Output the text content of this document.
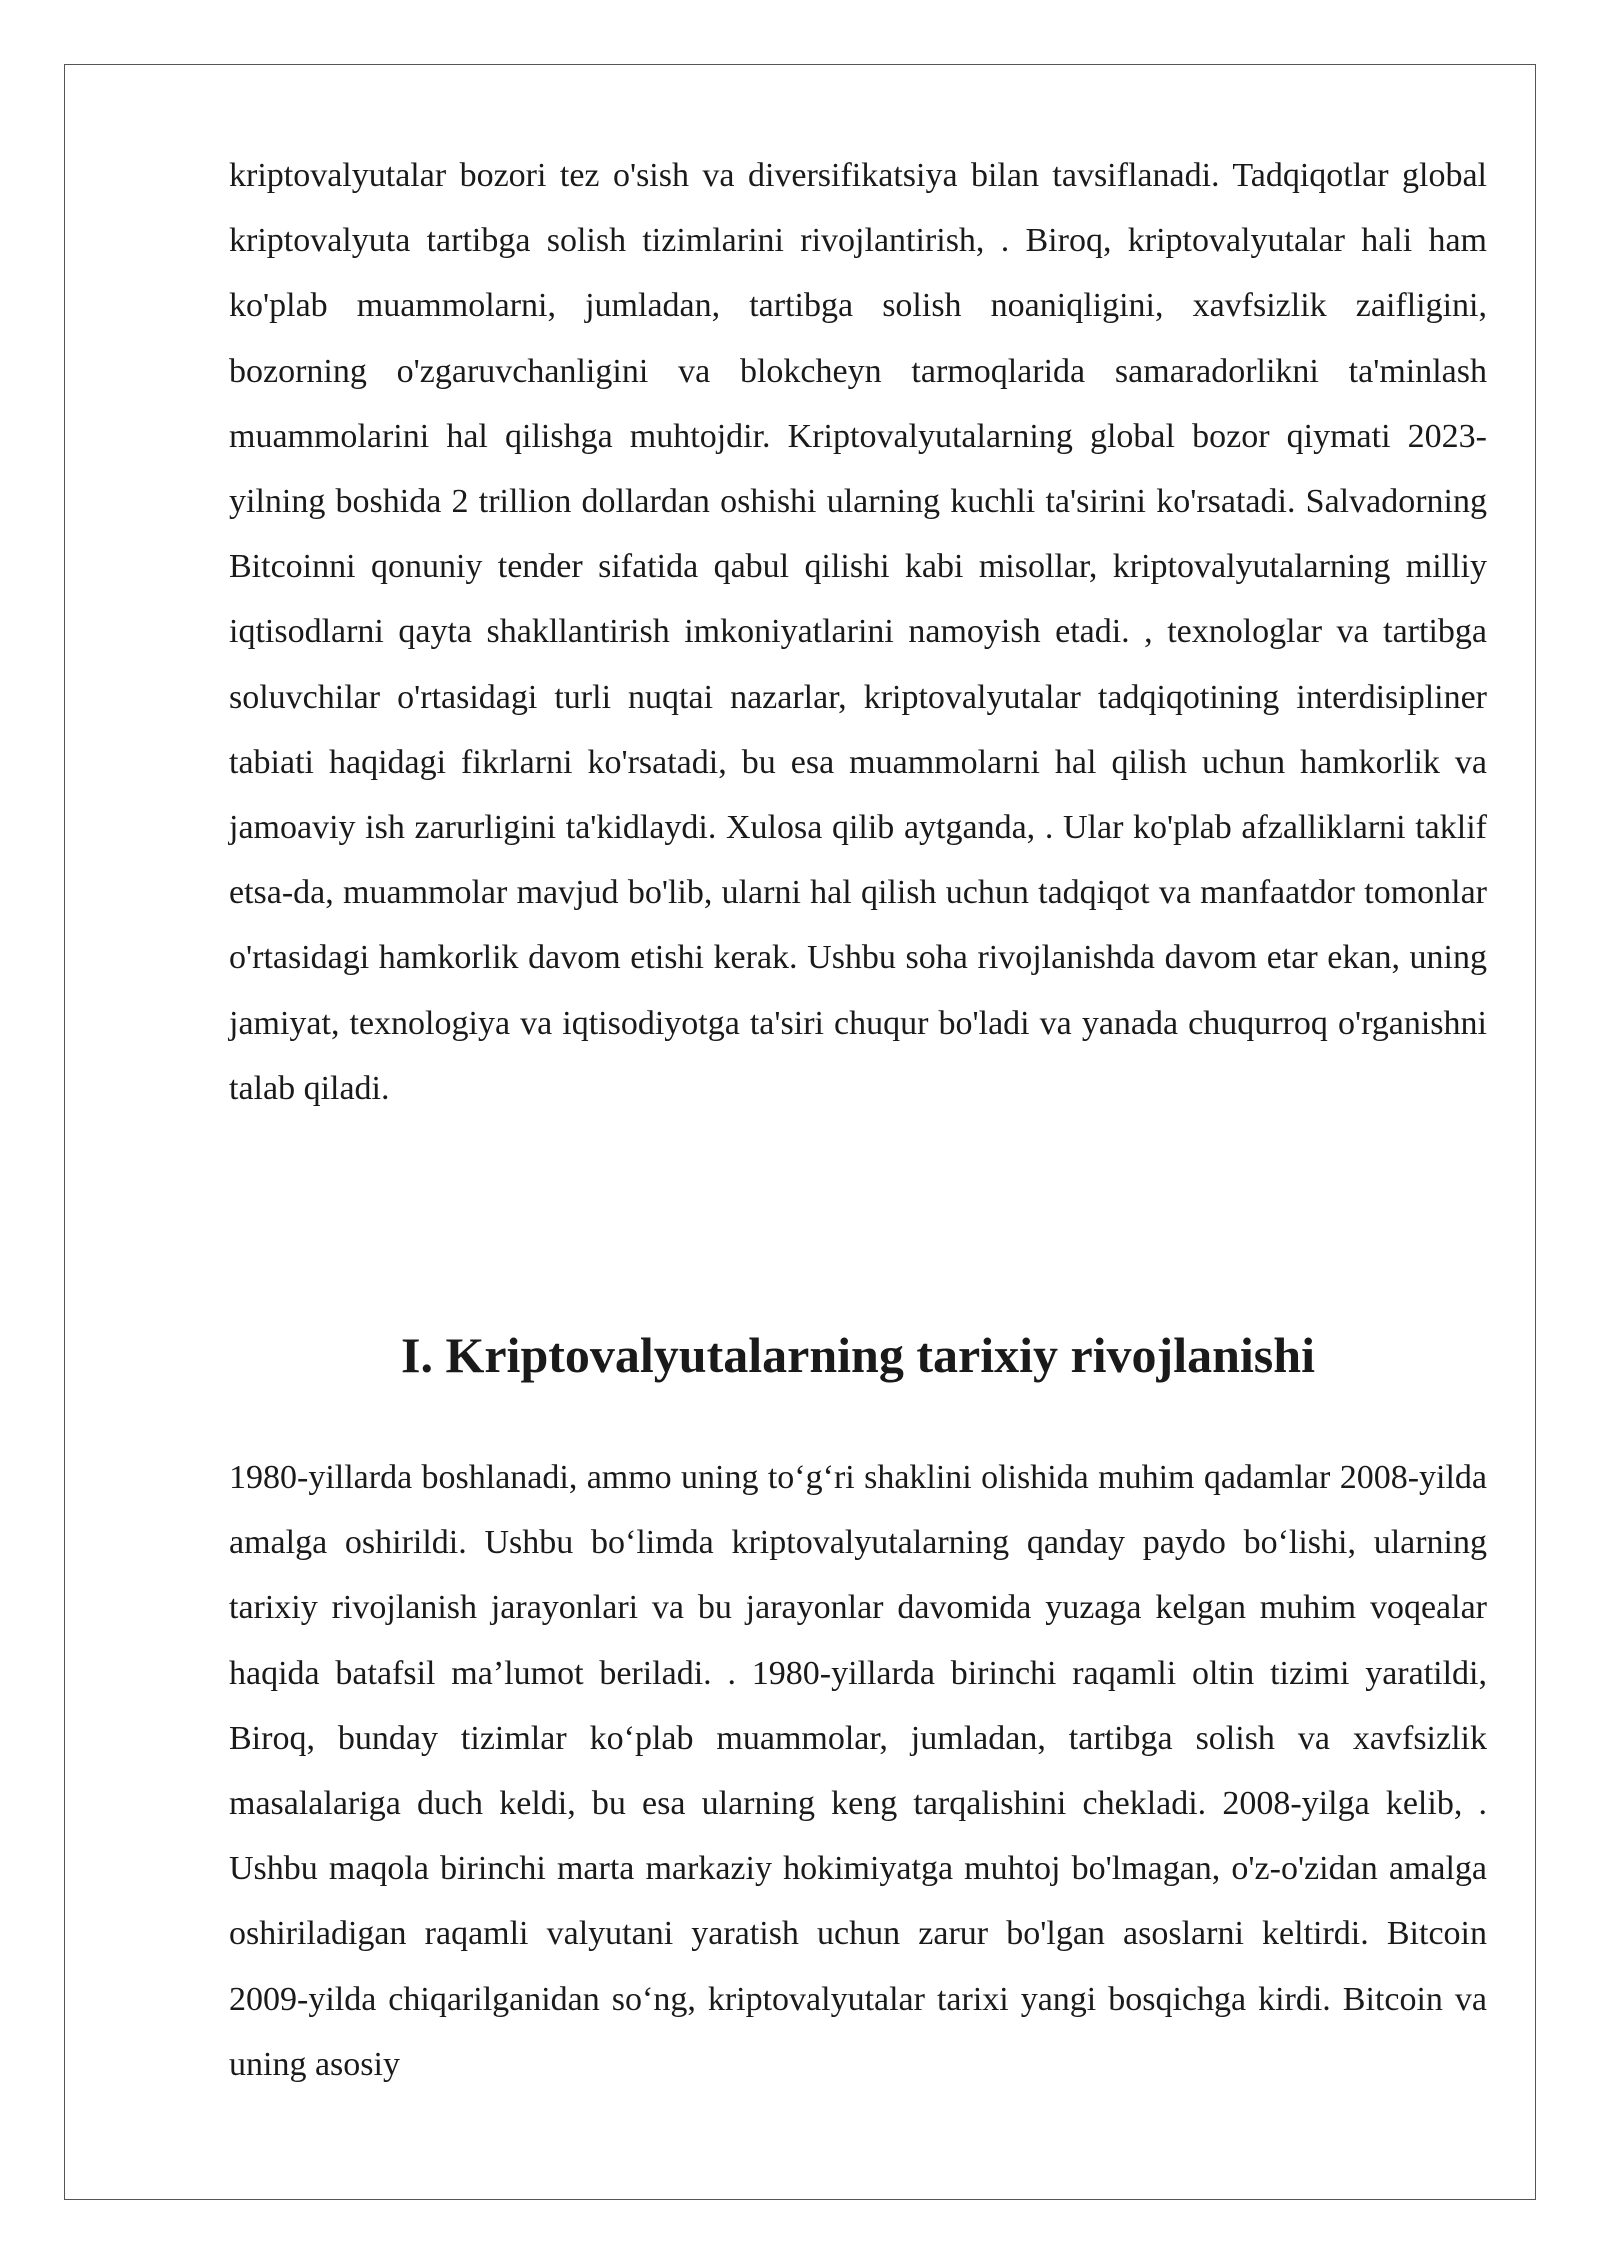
kriptovalyutalar bozori tez o'sish va diversifikatsiya bilan tavsiflanadi. Tadqiqotlar global kriptovalyuta tartibga solish tizimlarini rivojlantirish, . Biroq, kriptovalyutalar hali ham ko'plab muammolarni, jumladan, tartibga solish noaniqligini, xavfsizlik zaifligini, bozorning o'zgaruvchanligini va blokcheyn tarmoqlarida samaradorlikni ta'minlash muammolarini hal qilishga muhtojdir. Kriptovalyutalarning global bozor qiymati 2023-yilning boshida 2 trillion dollardan oshishi ularning kuchli ta'sirini ko'rsatadi. Salvadorning Bitcoinni qonuniy tender sifatida qabul qilishi kabi misollar, kriptovalyutalarning milliy iqtisodlarni qayta shakllantirish imkoniyatlarini namoyish etadi. , texnologlar va tartibga soluvchilar o'rtasidagi turli nuqtai nazarlar, kriptovalyutalar tadqiqotining interdisipliner tabiati haqidagi fikrlarni ko'rsatadi, bu esa muammolarni hal qilish uchun hamkorlik va jamoaviy ish zarurligini ta'kidlaydi. Xulosa qilib aytganda, . Ular ko'plab afzalliklarni taklif etsa-da, muammolar mavjud bo'lib, ularni hal qilish uchun tadqiqot va manfaatdor tomonlar o'rtasidagi hamkorlik davom etishi kerak. Ushbu soha rivojlanishda davom etar ekan, uning jamiyat, texnologiya va iqtisodiyotga ta'siri chuqur bo'ladi va yanada chuqurroq o'rganishni talab qiladi.

I. Kriptovalyutalarning tarixiy rivojlanishi

1980-yillarda boshlanadi, ammo uning to‘g‘ri shaklini olishida muhim qadamlar 2008-yilda amalga oshirildi. Ushbu bo‘limda kriptovalyutalarning qanday paydo bo‘lishi, ularning tarixiy rivojlanish jarayonlari va bu jarayonlar davomida yuzaga kelgan muhim voqealar haqida batafsil ma’lumot beriladi. . 1980-yillarda birinchi raqamli oltin tizimi yaratildi, Biroq, bunday tizimlar ko‘plab muammolar, jumladan, tartibga solish va xavfsizlik masalalariga duch keldi, bu esa ularning keng tarqalishini chekladi. 2008-yilga kelib, . Ushbu maqola birinchi marta markaziy hokimiyatga muhtoj bo'lmagan, o'z-o'zidan amalga oshiriladigan raqamli valyutani yaratish uchun zarur bo'lgan asoslarni keltirdi. Bitcoin 2009-yilda chiqarilganidan so‘ng, kriptovalyutalar tarixi yangi bosqichga kirdi. Bitcoin va uning asosiy
